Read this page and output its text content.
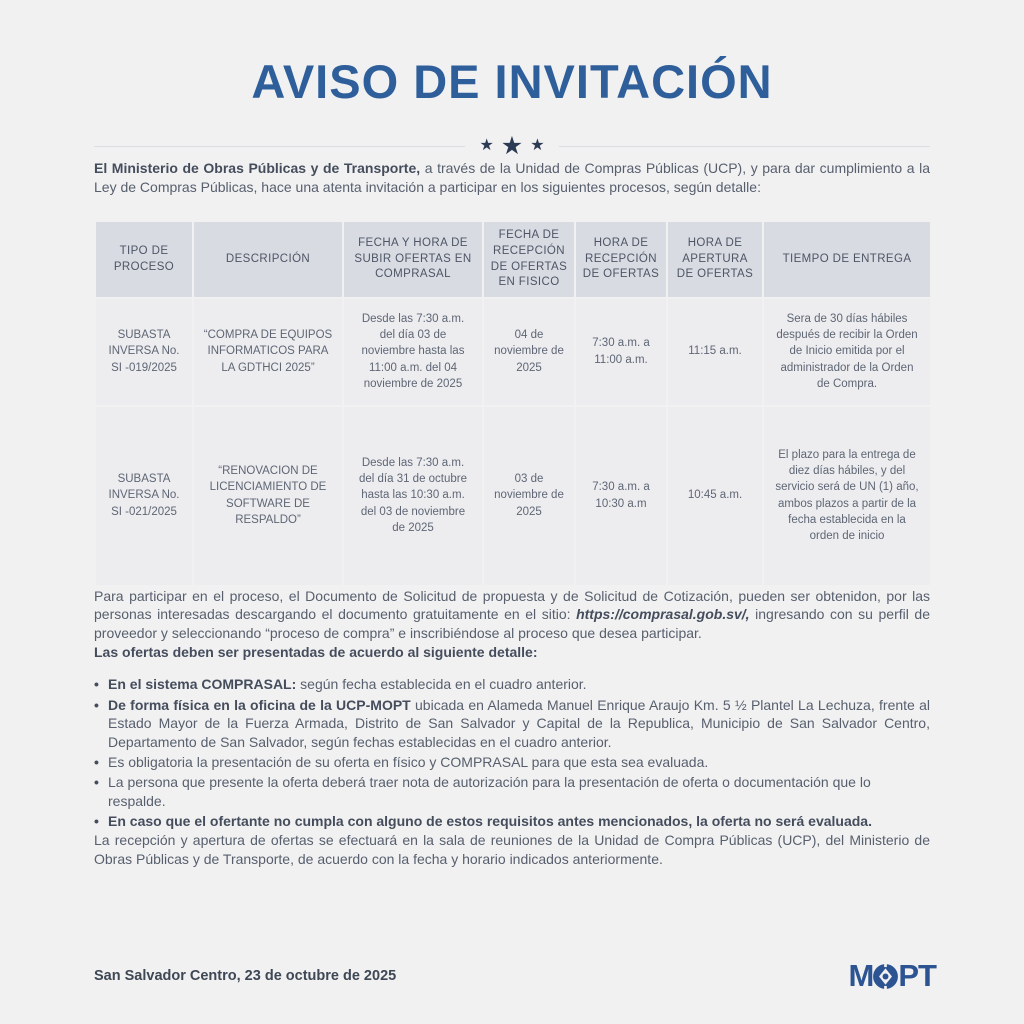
AVISO DE INVITACIÓN
★ ★ ★

El Ministerio de Obras Públicas y de Transporte, a través de la Unidad de Compras Públicas (UCP), y para dar cumplimiento a la Ley de Compras Públicas, hace una atenta invitación a participar en los siguientes procesos, según detalle:

TIPO DE PROCESO	DESCRIPCIÓN	FECHA Y HORA DE SUBIR OFERTAS EN COMPRASAL	FECHA DE RECEPCIÓN DE OFERTAS EN FISICO	HORA DE RECEPCIÓN DE OFERTAS	HORA DE APERTURA DE OFERTAS	TIEMPO DE ENTREGA
SUBASTA INVERSA No. SI -019/2025	“COMPRA DE EQUIPOS INFORMATICOS PARA LA GDTHCI 2025”	Desde las 7:30 a.m. del día 03 de noviembre hasta las 11:00 a.m. del 04 noviembre de 2025	04 de noviembre de 2025	7:30 a.m. a 11:00 a.m.	11:15 a.m.	Sera de 30 días hábiles después de recibir la Orden de Inicio emitida por el administrador de la Orden de Compra.
SUBASTA INVERSA No. SI -021/2025	“RENOVACION DE LICENCIAMIENTO DE SOFTWARE DE RESPALDO”	Desde las 7:30 a.m. del día 31 de octubre hasta las 10:30 a.m. del 03 de noviembre de 2025	03 de noviembre de 2025	7:30 a.m. a 10:30 a.m	10:45 a.m.	El plazo para la entrega de diez días hábiles, y del servicio será de UN (1) año, ambos plazos a partir de la fecha establecida en la orden de inicio

Para participar en el proceso, el Documento de Solicitud de propuesta y de Solicitud de Cotización, pueden ser obtenidon, por las personas interesadas descargando el documento gratuitamente en el sitio: https://comprasal.gob.sv/, ingresando con su perfil de proveedor y seleccionando “proceso de compra” e inscribiéndose al proceso que desea participar.

Las ofertas deben ser presentadas de acuerdo al siguiente detalle:

• En el sistema COMPRASAL: según fecha establecida en el cuadro anterior.
• De forma física en la oficina de la UCP-MOPT ubicada en Alameda Manuel Enrique Araujo Km. 5 ½ Plantel La Lechuza, frente al Estado Mayor de la Fuerza Armada, Distrito de San Salvador y Capital de la Republica, Municipio de San Salvador Centro, Departamento de San Salvador, según fechas establecidas en el cuadro anterior.
• Es obligatoria la presentación de su oferta en físico y COMPRASAL para que esta sea evaluada.
• La persona que presente la oferta deberá traer nota de autorización para la presentación de oferta o documentación que lo respalde.
• En caso que el ofertante no cumpla con alguno de estos requisitos antes mencionados, la oferta no será evaluada.

La recepción y apertura de ofertas se efectuará en la sala de reuniones de la Unidad de Compra Públicas (UCP), del Ministerio de Obras Públicas y de Transporte, de acuerdo con la fecha y horario indicados anteriormente.

San Salvador Centro, 23 de octubre de 2025	M PT
